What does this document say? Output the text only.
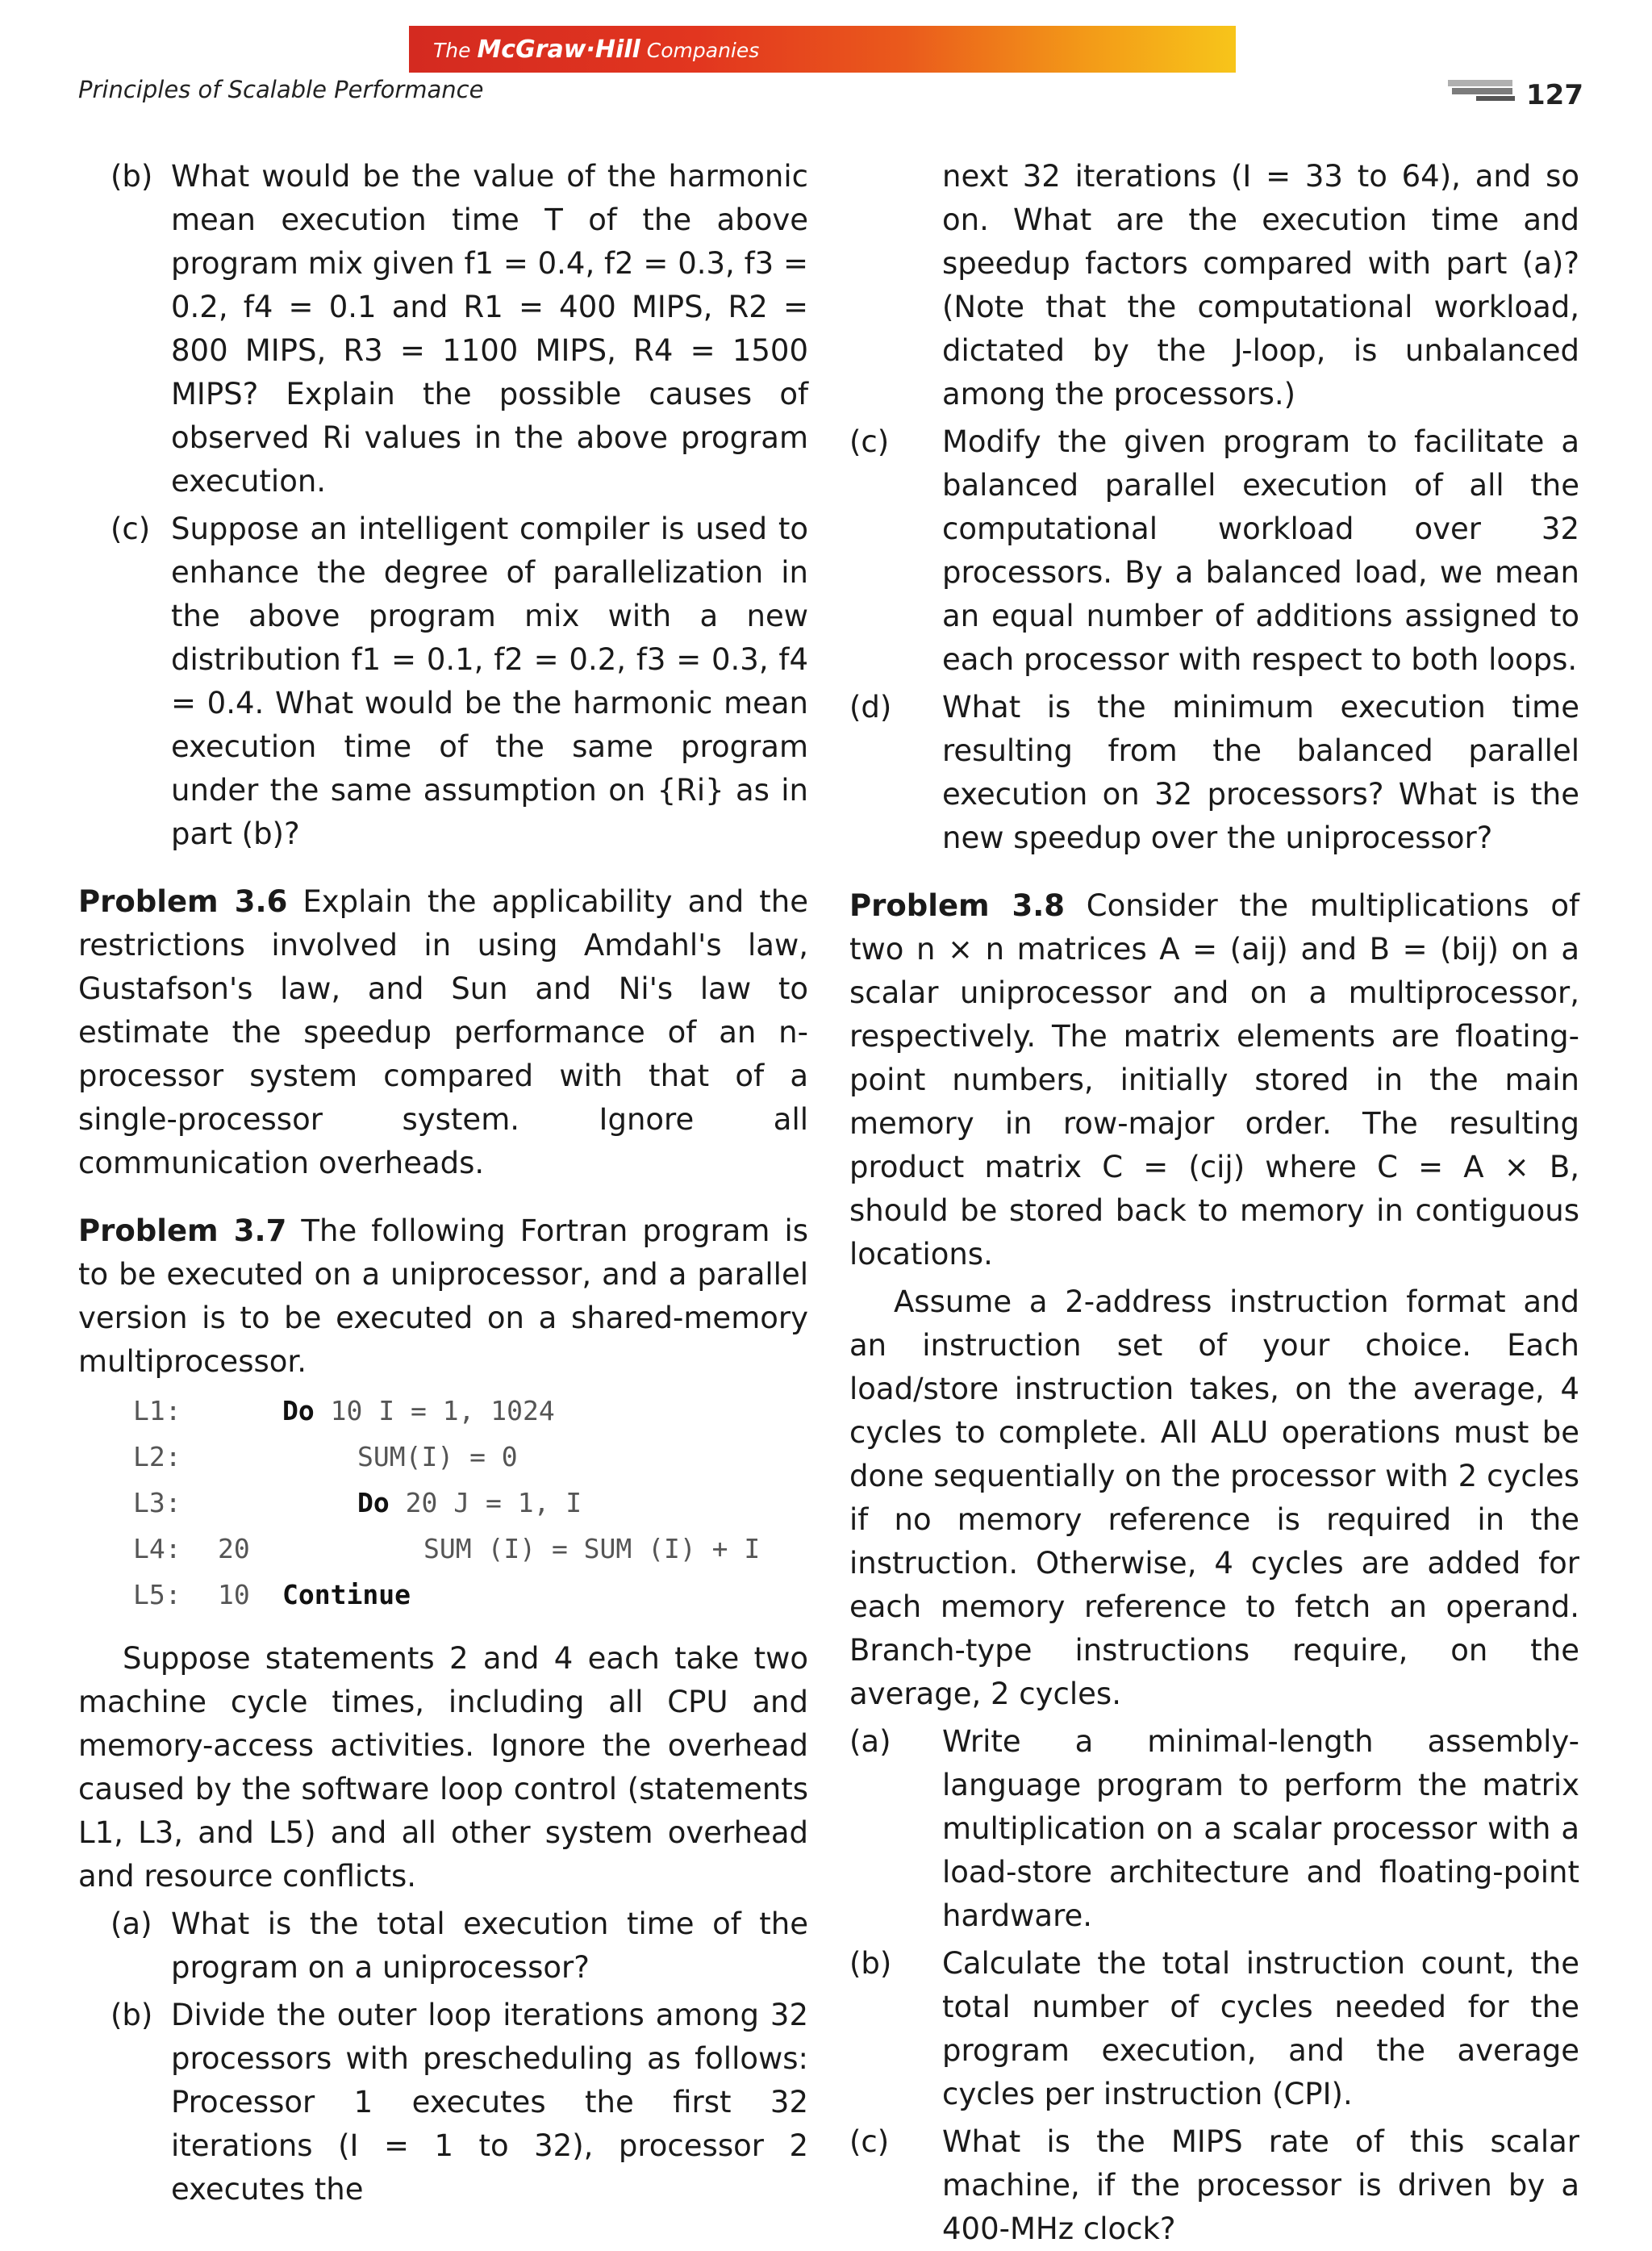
The McGraw·Hill Companies
Principles of Scalable Performance	127
(b) What would be the value of the harmonic mean execution time T of the above program mix given f1 = 0.4, f2 = 0.3, f3 = 0.2, f4 = 0.1 and R1 = 400 MIPS, R2 = 800 MIPS, R3 = 1100 MIPS, R4 = 1500 MIPS? Explain the possible causes of observed Ri values in the above program execution.

(c) Suppose an intelligent compiler is used to enhance the degree of parallelization in the above program mix with a new distribution f1 = 0.1, f2 = 0.2, f3 = 0.3, f4 = 0.4. What would be the harmonic mean execution time of the same program under the same assumption on {Ri} as in part (b)?

Problem 3.6 Explain the applicability and the restrictions involved in using Amdahl's law, Gustafson's law, and Sun and Ni's law to estimate the speedup performance of an n-processor system compared with that of a single-processor system. Ignore all communication overheads.

Problem 3.7 The following Fortran program is to be executed on a uniprocessor, and a parallel version is to be executed on a shared-memory multiprocessor.

L1:	Do 10 I = 1, 1024
L2:	SUM(I) = 0
L3:	Do 20 J = 1, I
L4: 20	SUM (I) = SUM (I) + I
L5: 10 Continue

Suppose statements 2 and 4 each take two machine cycle times, including all CPU and memory-access activities. Ignore the overhead caused by the software loop control (statements L1, L3, and L5) and all other system overhead and resource conflicts.

(a) What is the total execution time of the program on a uniprocessor?

(b) Divide the outer loop iterations among 32 processors with prescheduling as follows: Processor 1 executes the first 32 iterations (I = 1 to 32), processor 2 executes the

next 32 iterations (I = 33 to 64), and so on. What are the execution time and speedup factors compared with part (a)? (Note that the computational workload, dictated by the J-loop, is unbalanced among the processors.)

(c) Modify the given program to facilitate a balanced parallel execution of all the computational workload over 32 processors. By a balanced load, we mean an equal number of additions assigned to each processor with respect to both loops.

(d) What is the minimum execution time resulting from the balanced parallel execution on 32 processors? What is the new speedup over the uniprocessor?

Problem 3.8 Consider the multiplications of two n × n matrices A = (aij) and B = (bij) on a scalar uniprocessor and on a multiprocessor, respectively. The matrix elements are floating-point numbers, initially stored in the main memory in row-major order. The resulting product matrix C = (cij) where C = A × B, should be stored back to memory in contiguous locations.

Assume a 2-address instruction format and an instruction set of your choice. Each load/store instruction takes, on the average, 4 cycles to complete. All ALU operations must be done sequentially on the processor with 2 cycles if no memory reference is required in the instruction. Otherwise, 4 cycles are added for each memory reference to fetch an operand. Branch-type instructions require, on the average, 2 cycles.

(a) Write a minimal-length assembly-language program to perform the matrix multiplication on a scalar processor with a load-store architecture and floating-point hardware.

(b) Calculate the total instruction count, the total number of cycles needed for the program execution, and the average cycles per instruction (CPI).

(c) What is the MIPS rate of this scalar machine, if the processor is driven by a 400-MHz clock?
